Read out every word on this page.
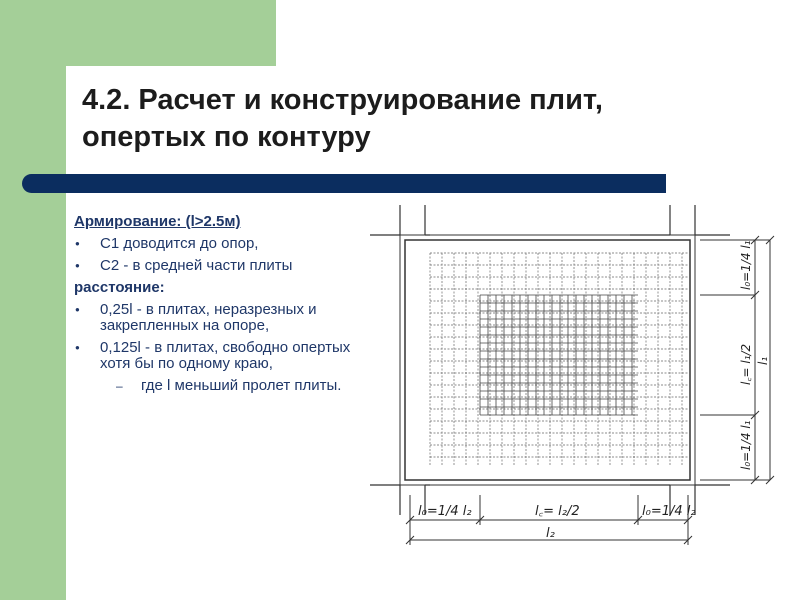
4.2. Расчет и конструирование плит,
опертых по контуру
Армирование: (l>2.5м)
● С1 доводится до опор,
● С2 - в средней части плиты
расстояние:
● 0,25l - в плитах, неразрезных и закрепленных на опоре,
● 0,125l - в плитах, свободно опертых хотя бы по одному краю,
– где l меньший пролет плиты.
l₀=1/4 l₂	l꜀= l₂/2	l₀=1/4 l₂
l₂
l₀=1/4 l₁
l꜀= l₁/2
l₀=1/4 l₁
l₁
